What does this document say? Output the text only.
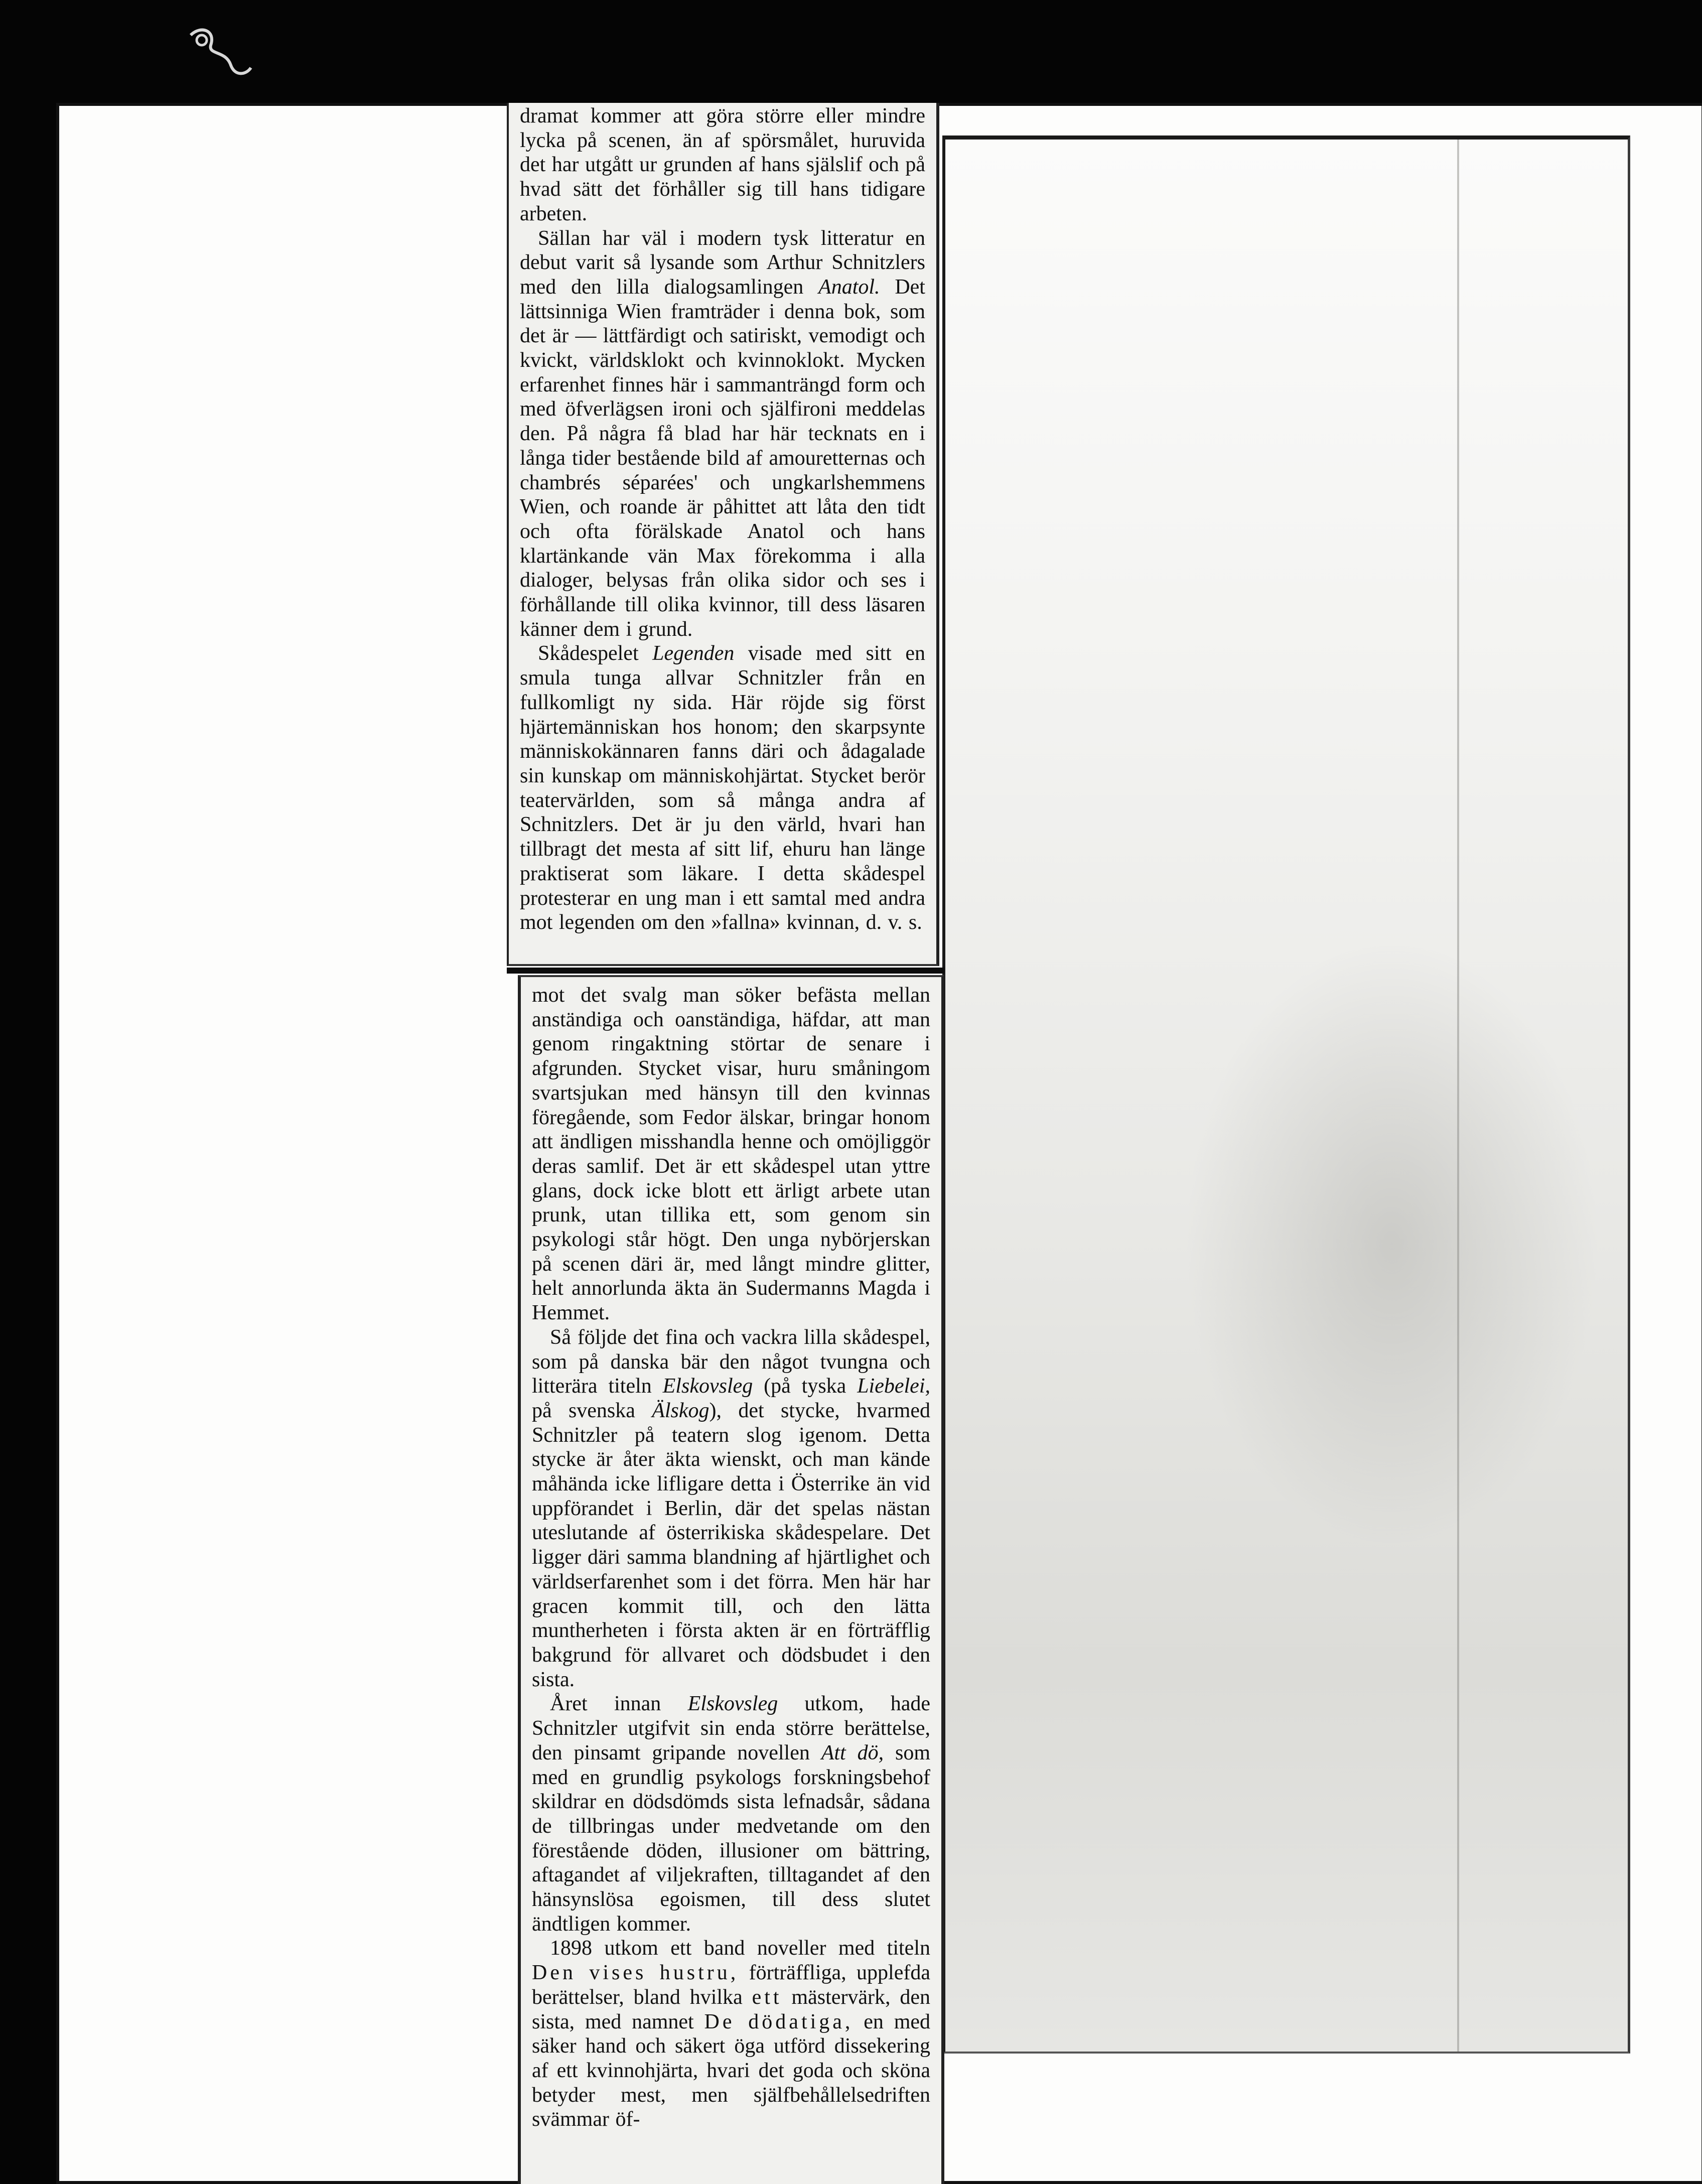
dramat kommer att göra större eller mindre lycka på scenen, än af spörsmålet, huruvida det har utgått ur grunden af hans själslif och på hvad sätt det förhåller sig till hans tidigare arbeten.

Sällan har väl i modern tysk litteratur en debut varit så lysande som Arthur Schnitzlers med den lilla dialogsamlingen Anatol. Det lättsinniga Wien framträder i denna bok, som det är — lättfärdigt och satiriskt, vemodigt och kvickt, världsklokt och kvinnoklokt. Mycken erfarenhet finnes här i sammanträngd form och med öfverlägsen ironi och själfironi meddelas den. På några få blad har här tecknats en i långa tider bestående bild af amouretternas och chambrés séparées' och ungkarlshemmens Wien, och roande är påhittet att låta den tidt och ofta förälskade Anatol och hans klartänkande vän Max förekomma i alla dialoger, belysas från olika sidor och ses i förhållande till olika kvinnor, till dess läsaren känner dem i grund.

Skådespelet Legenden visade med sitt en smula tunga allvar Schnitzler från en fullkomligt ny sida. Här röjde sig först hjärtemänniskan hos honom; den skarpsynte människokännaren fanns däri och ådagalade sin kunskap om människohjärtat. Stycket berör teatervärlden, som så många andra af Schnitzlers. Det är ju den värld, hvari han tillbragt det mesta af sitt lif, ehuru han länge praktiserat som läkare. I detta skådespel protesterar en ung man i ett samtal med andra mot legenden om den »fallna» kvinnan, d. v. s.

mot det svalg man söker befästa mellan anständiga och oanständiga, häfdar, att man genom ringaktning störtar de senare i afgrunden. Stycket visar, huru småningom svartsjukan med hänsyn till den kvinnas föregående, som Fedor älskar, bringar honom att ändligen misshandla henne och omöjliggör deras samlif. Det är ett skådespel utan yttre glans, dock icke blott ett ärligt arbete utan prunk, utan tillika ett, som genom sin psykologi står högt. Den unga nybörjerskan på scenen däri är, med långt mindre glitter, helt annorlunda äkta än Sudermanns Magda i Hemmet.

Så följde det fina och vackra lilla skådespel, som på danska bär den något tvungna och litterära titeln Elskovsleg (på tyska Liebelei, på svenska Älskog), det stycke, hvarmed Schnitzler på teatern slog igenom. Detta stycke är åter äkta wienskt, och man kände måhända icke lifligare detta i Österrike än vid uppförandet i Berlin, där det spelas nästan uteslutande af österrikiska skådespelare. Det ligger däri samma blandning af hjärtlighet och världserfarenhet som i det förra. Men här har gracen kommit till, och den lätta muntherheten i första akten är en förträfflig bakgrund för allvaret och dödsbudet i den sista.

Året innan Elskovsleg utkom, hade Schnitzler utgifvit sin enda större berättelse, den pinsamt gripande novellen Att dö, som med en grundlig psykologs forskningsbehof skildrar en dödsdömds sista lefnadsår, sådana de tillbringas under medvetande om den förestående döden, illusioner om bättring, aftagandet af viljekraften, tilltagandet af den hänsynslösa egoismen, till dess slutet ändtligen kommer.

1898 utkom ett band noveller med titeln Den vises hustru, förträffliga, upplefda berättelser, bland hvilka ett mästervärk, den sista, med namnet De dödatiga, en med säker hand och säkert öga utförd dissekering af ett kvinnohjärta, hvari det goda och sköna betyder mest, men själfbehållelsedriften svämmar öf-
